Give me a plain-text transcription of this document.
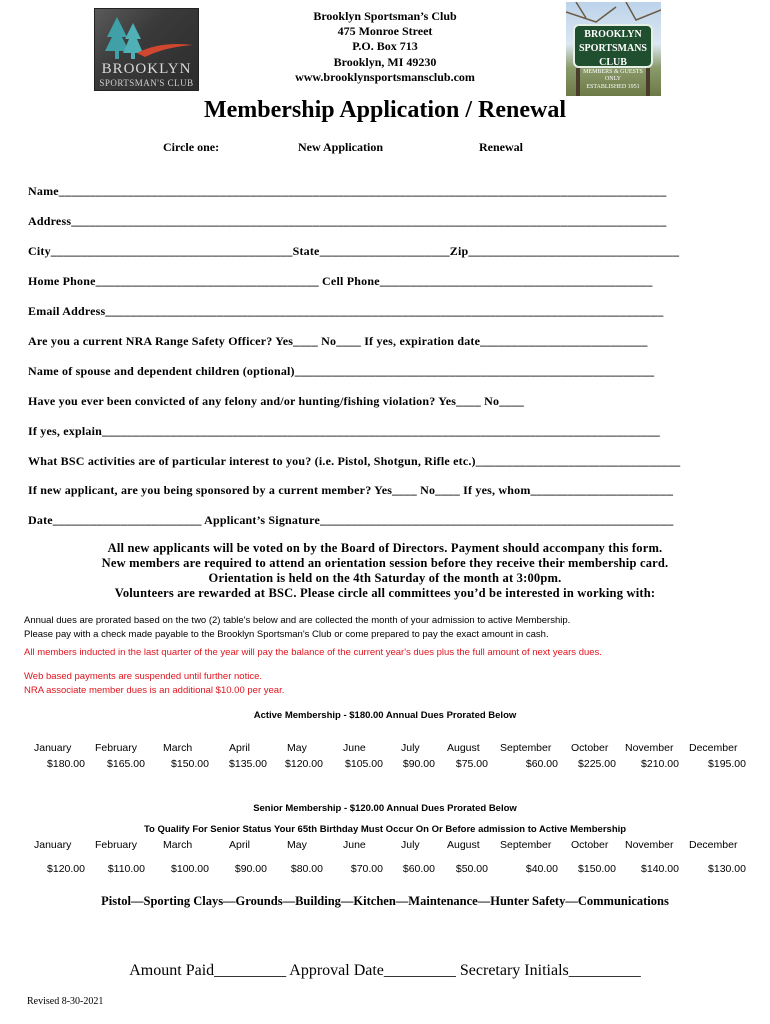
BROOKLYN
SPORTSMAN'S CLUB
BROOKLYN
SPORTSMANS
CLUB
MEMBERS & GUESTS ONLY
ESTABLISHED 1951
Brooklyn Sportsman’s Club
475 Monroe Street
P.O. Box 713
Brooklyn, MI 49230
www.brooklynsportsmansclub.com
Membership Application / Renewal
Circle one:	New Application	Renewal
Name__________________________________________________________________________________________________
Address________________________________________________________________________________________________
City_______________________________________State_____________________Zip__________________________________
Home Phone____________________________________ Cell Phone____________________________________________
Email Address__________________________________________________________________________________________
Are you a current NRA Range Safety Officer? Yes____ No____ If yes, expiration date___________________________
Name of spouse and dependent children (optional)__________________________________________________________
Have you ever been convicted of any felony and/or hunting/fishing violation? Yes____ No____
If yes, explain__________________________________________________________________________________________
What BSC activities are of particular interest to you? (i.e. Pistol, Shotgun, Rifle etc.)_________________________________
If new applicant, are you being sponsored by a current member? Yes____ No____ If yes, whom_______________________
Date________________________ Applicant’s Signature_________________________________________________________
All new applicants will be voted on by the Board of Directors. Payment should accompany this form.
New members are required to attend an orientation session before they receive their membership card.
Orientation is held on the 4th Saturday of the month at 3:00pm.
Volunteers are rewarded at BSC. Please circle all committees you’d be interested in working with:
Annual dues are prorated based on the two (2) table's below and are collected the month of your admission to active Membership.
Please pay with a check made payable to the Brooklyn Sportsman's Club or come prepared to pay the exact amount in cash.
All members inducted in the last quarter of the year will pay the balance of the current year's dues plus the full amount of next years dues.
Web based payments are suspended until further notice.
NRA associate member dues is an additional $10.00 per year.
Active Membership - $180.00 Annual Dues Prorated Below
January
$180.00
February
$165.00
March
$150.00
April
$135.00
May
$120.00
June
$105.00
July
$90.00
August
$75.00
September
$60.00
October
$225.00
November
$210.00
December
$195.00
Senior Membership - $120.00 Annual Dues Prorated Below
To Qualify For Senior Status Your 65th Birthday Must Occur On Or Before admission to Active Membership
January
$120.00
February
$110.00
March
$100.00
April
$90.00
May
$80.00
June
$70.00
July
$60.00
August
$50.00
September
$40.00
October
$150.00
November
$140.00
December
$130.00
Pistol—Sporting Clays—Grounds—Building—Kitchen—Maintenance—Hunter Safety—Communications
Amount Paid_________ Approval Date_________ Secretary Initials_________
Revised 8-30-2021
